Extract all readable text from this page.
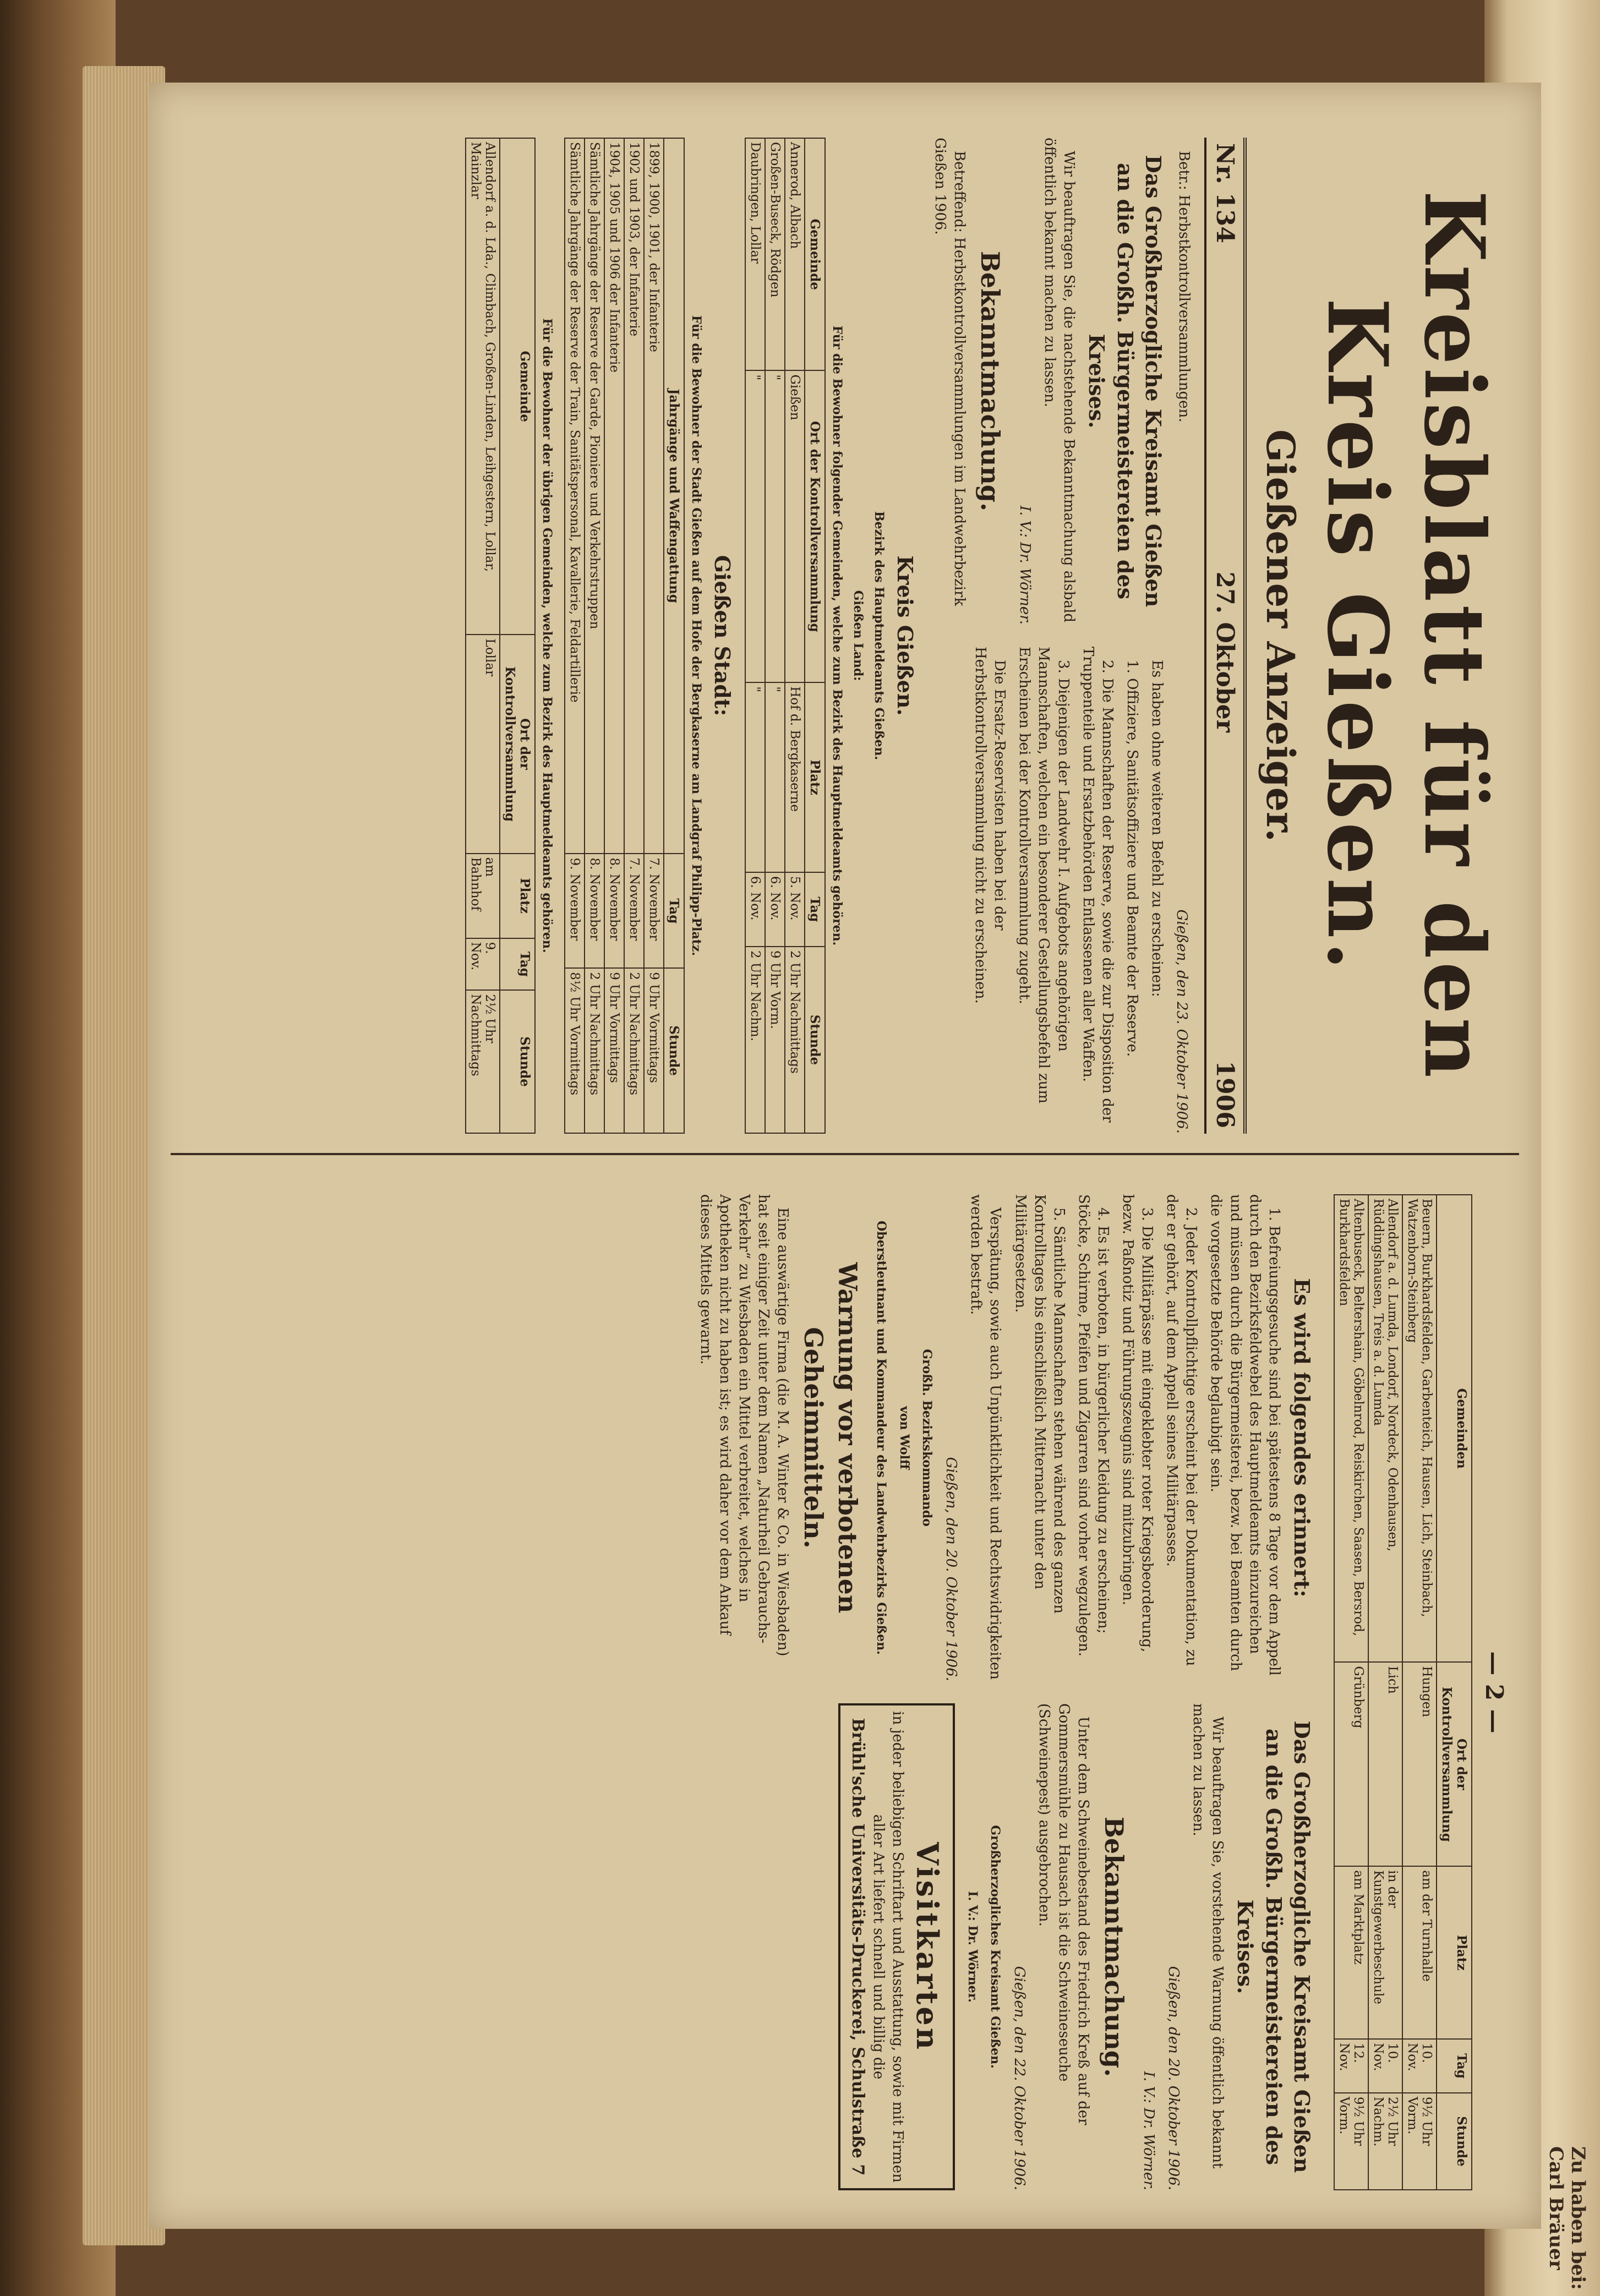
Zu haben bei: Carl Bräuer
Kreisblatt für den Kreis Gießen.
Gießener Anzeiger.
Nr. 134
27. Oktober
1906

Betr.: Herbstkontrollversammlungen.

Das Großherzogliche Kreisamt Gießen an die Großh. Bürgermeistereien des Kreises.

Wir beauftragen Sie, die nachstehende Bekanntmachung alsbald öffentlich bekannt machen zu lassen.

I. V.: Dr. Wörner.
Bekanntmachung.

Betreffend: Herbstkontrollversammlungen im Landwehrbezirk Gießen 1906.

Gießen, den 23. Oktober 1906.

Es haben ohne weiteren Befehl zu erscheinen:

1. Offiziere, Sanitätsoffiziere und Beamte der Reserve.

2. Die Mannschaften der Reserve, sowie die zur Disposition der Truppenteile und Ersatzbehörden Entlassenen aller Waffen.

3. Diejenigen der Landwehr I. Aufgebots angehörigen Mannschaften, welchen ein besonderer Gestellungsbefehl zum Erscheinen bei der Kontrollversammlung zugeht.

Die Ersatz-Reservisten haben bei der Herbstkontrollversammlung nicht zu erscheinen.

Kreis Gießen.
Bezirk des Hauptmeldeamts Gießen.
Gießen Land:
Für die Bewohner folgender Gemeinden, welche zum Bezirk des Hauptmeldeamts gehören.
Gemeinde	Ort der Kontrollversammlung	Platz	Tag	Stunde
Annerod, Albach	Gießen	Hof d. Bergkaserne	5. Nov.	2 Uhr Nachmittags
Großen-Buseck, Rödgen	"	"	6. Nov.	9 Uhr Vorm.
Daubringen, Lollar	"	"	6. Nov.	2 Uhr Nachm.
Gießen Stadt:
Für die Bewohner der Stadt Gießen auf dem Hofe der Bergkaserne am Landgraf Philipp-Platz.
Jahrgänge und Waffengattung	Tag	Stunde
1899, 1900, 1901, der Infanterie	7. November	9 Uhr Vormittags
1902 und 1903, der Infanterie	7. November	2 Uhr Nachmittags
1904, 1905 und 1906 der Infanterie	8. November	9 Uhr Vormittags
Sämtliche Jahrgänge der Reserve der Garde, Pioniere und Verkehrstruppen	8. November	2 Uhr Nachmittags
Sämtliche Jahrgänge der Reserve der Train, Sanitätspersonal, Kavallerie, Feldartillerie	9. November	8½ Uhr Vormittags
Für die Bewohner der übrigen Gemeinden, welche zum Bezirk des Hauptmeldeamts gehören.
Gemeinde	Ort der Kontrollversammlung	Platz	Tag	Stunde
Allendorf a. d. Lda., Climbach, Großen-Linden, Leihgestern, Lollar, Mainzlar	Lollar	am Bahnhof	9. Nov.	2½ Uhr Nachmittags
— 2 —
Gemeinden	Ort der Kontrollversammlung	Platz	Tag	Stunde
Beuern, Burkhardsfelden, Garbenteich, Hausen, Lich, Steinbach, Watzenborn-Steinberg	Hungen	am der Turnhalle	10. Nov.	9½ Uhr Vorm.
Allendorf a. d. Lumda, Londorf, Nordeck, Odenhausen, Rüddingshausen, Treis a. d. Lumda	Lich	in der Kunstgewerbeschule	10. Nov.	2½ Uhr Nachm.
Altenbuseck, Beltershain, Göbelnrod, Reiskirchen, Saasen, Bersrod, Burkhardsfelden	Grünberg	am Marktplatz	12. Nov.	9½ Uhr Vorm.
Es wird folgendes erinnert:

1. Befreiungsgesuche sind bei spätestens 8 Tage vor dem Appell durch den Bezirksfeldwebel des Hauptmeldeamts einzureichen und müssen durch die Bürgermeisterei, bezw. bei Beamten durch die vorgesetzte Behörde beglaubigt sein.

2. Jeder Kontrollpflichtige erscheint bei der Dokumentation, zu der er gehört, auf dem Appell seines Militärpasses.

3. Die Militärpässe mit eingeklebter roter Kriegsbeorderung, bezw. Paßnotiz und Führungszeugnis sind mitzubringen.

4. Es ist verboten, in bürgerlicher Kleidung zu erscheinen; Stöcke, Schirme, Pfeifen und Zigarren sind vorher wegzulegen.

5. Sämtliche Mannschaften stehen während des ganzen Kontrolltages bis einschließlich Mitternacht unter den Militärgesetzen.

Verspätung, sowie auch Unpünktlichkeit und Rechtswidrigkeiten werden bestraft.

Gießen, den 20. Oktober 1906.
Großh. Bezirkskommando
von Wolff
Oberstleutnant und Kommandeur des Landwehrbezirks Gießen.
Warnung vor verbotenen Geheimmitteln.

Eine auswärtige Firma (die M. A. Winter & Co. in Wiesbaden) hat seit einiger Zeit unter dem Namen „Naturheil Gebrauchs-Verkehr“ zu Wiesbaden ein Mittel verbreitet, welches in Apotheken nicht zu haben ist; es wird daher vor dem Ankauf dieses Mittels gewarnt.

Das Großherzogliche Kreisamt Gießen an die Großh. Bürgermeistereien des Kreises.

Wir beauftragen Sie, vorstehende Warnung öffentlich bekannt machen zu lassen.

Gießen, den 20. Oktober 1906.
I. V.: Dr. Wörner.
Bekanntmachung.

Unter dem Schweinebestand des Friedrich Kreß auf der Gommersmühle zu Hausach ist die Schweineseuche (Schweinepest) ausgebrochen.

Gießen, den 22. Oktober 1906.
Großherzogliches Kreisamt Gießen.
I. V.: Dr. Wörner.
Visitkarten
in jeder beliebigen Schriftart und Ausstattung, sowie mit Firmen aller Art liefert schnell und billig die
Brühl'sche Universitäts-Druckerei, Schulstraße 7
